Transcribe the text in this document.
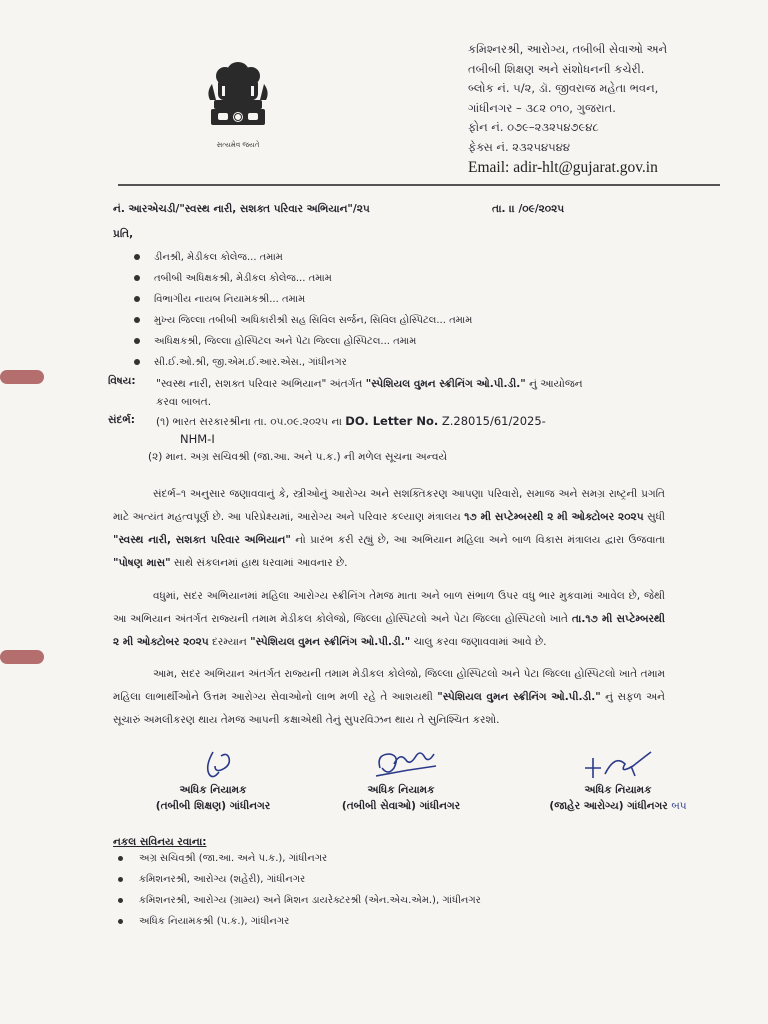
સત્યમેવ જયતે
કમિશ્નરશ્રી, આરોગ્ય, તબીબી સેવાઓ અને
તબીબી શિક્ષણ અને સંશોધનની કચેરી.
બ્લોક નં. ૫/૨, ડૉ. જીવરાજ મહેતા ભવન,
ગાંધીનગર – ૩૮૨ ૦૧૦, ગુજરાત.
ફોન નં. ૦૭૯–૨૩૨૫૪૭૯૪૮
ફેક્સ નં. ૨૩૨૫૪૫૪૪
Email: adir-hlt@gujarat.gov.in
નં. આરએચડી/"સ્વસ્થ નારી, સશક્ત પરિવાર અભિયાન"/૨૫	તા. ।। /૦૯/૨૦૨૫
પ્રતિ,
ડીનશ્રી, મેડીકલ કોલેજ... તમામ
તબીબી અધિક્ષકશ્રી, મેડીકલ કોલેજ... તમામ
વિભાગીય નાયબ નિયામકશ્રી... તમામ
મુખ્ય જિલ્લા તબીબી અધિકારીશ્રી સહ સિવિલ સર્જન, સિવિલ હોસ્પિટલ... તમામ
અધિક્ષકશ્રી, જિલ્લા હોસ્પિટલ અને પેટા જિલ્લા હોસ્પિટલ... તમામ
સી.ઈ.ઓ.શ્રી, જી.એમ.ઈ.આર.એસ., ગાંધીનગર
વિષય: "સ્વસ્થ નારી, સશક્ત પરિવાર અભિયાન" અંતર્ગત "સ્પેશિયલ વુમન સ્ક્રીનિંગ ઓ.પી.ડી." નું આયોજન કરવા બાબત.
સંદર્ભ: (૧) ભારત સરકારશ્રીના તા. ૦૫.૦૯.૨૦૨૫ ના DO. Letter No. Z.28015/61/2025-
NHM-I
(૨) માન. અગ્ર સચિવશ્રી (જા.આ. અને પ.ક.) ની મળેલ સૂચના અન્વયે

સંદર્ભ–૧ અનુસાર જણાવવાનું કે, સ્ત્રીઓનું આરોગ્ય અને સશક્તિકરણ આપણા પરિવારો, સમાજ અને સમગ્ર રાષ્ટ્રની પ્રગતિ માટે અત્યંત મહત્વપૂર્ણ છે. આ પરિપ્રેક્ષ્યમાં, આરોગ્ય અને પરિવાર કલ્યાણ મંત્રાલય ૧૭ મી સપ્ટેમ્બરથી ૨ મી ઓક્ટોબર ૨૦૨૫ સુધી "સ્વસ્થ નારી, સશક્ત પરિવાર અભિયાન" નો પ્રારંભ કરી રહ્યું છે, આ અભિયાન મહિલા અને બાળ વિકાસ મંત્રાલય દ્વારા ઉજવાતા "પોષણ માસ" સાથે સંકલનમાં હાથ ધરવામાં આવનાર છે.

વધુમાં, સદર અભિયાનમાં મહિલા આરોગ્ય સ્ક્રીનિંગ તેમજ માતા અને બાળ સંભાળ ઉપર વધુ ભાર મુકવામાં આવેલ છે, જેથી આ અભિયાન અંતર્ગત રાજ્યની તમામ મેડીકલ કોલેજો, જિલ્લા હોસ્પિટલો અને પેટા જિલ્લા હોસ્પિટલો ખાતે તા.૧૭ મી સપ્ટેમ્બરથી ૨ મી ઓક્ટોબર ૨૦૨૫ દરમ્યાન "સ્પેશિયલ વુમન સ્ક્રીનિંગ ઓ.પી.ડી." ચાલુ કરવા જણાવવામાં આવે છે.

આમ, સદર અભિયાન અંતર્ગત રાજ્યની તમામ મેડીકલ કોલેજો, જિલ્લા હોસ્પિટલો અને પેટા જિલ્લા હોસ્પિટલો ખાતે તમામ મહિલા લાભાર્થીઓને ઉત્તમ આરોગ્ય સેવાઓનો લાભ મળી રહે તે આશયથી "સ્પેશિયલ વુમન સ્ક્રીનિંગ ઓ.પી.ડી." નું સફળ અને સૂચારું અમલીકરણ થાય તેમજ આપની કક્ષાએથી તેનું સુપરવિઝન થાય તે સુનિશ્ચિત કરશો.

અધિક નિયામક
(તબીબી શિક્ષણ) ગાંધીનગર
અધિક નિયામક
(તબીબી સેવાઓ) ગાંધીનગર
અધિક નિયામક
(જાહેર આરોગ્ય) ગાંધીનગર બપ
નકલ સવિનય રવાના:
અગ્ર સચિવશ્રી (જા.આ. અને પ.ક.), ગાંધીનગર
કમિશનરશ્રી, આરોગ્ય (શહેરી), ગાંધીનગર
કમિશનરશ્રી, આરોગ્ય (ગ્રામ્ય) અને મિશન ડાયરેક્ટરશ્રી (એન.એચ.એમ.), ગાંધીનગર
અધિક નિયામકશ્રી (પ.ક.), ગાંધીનગર
